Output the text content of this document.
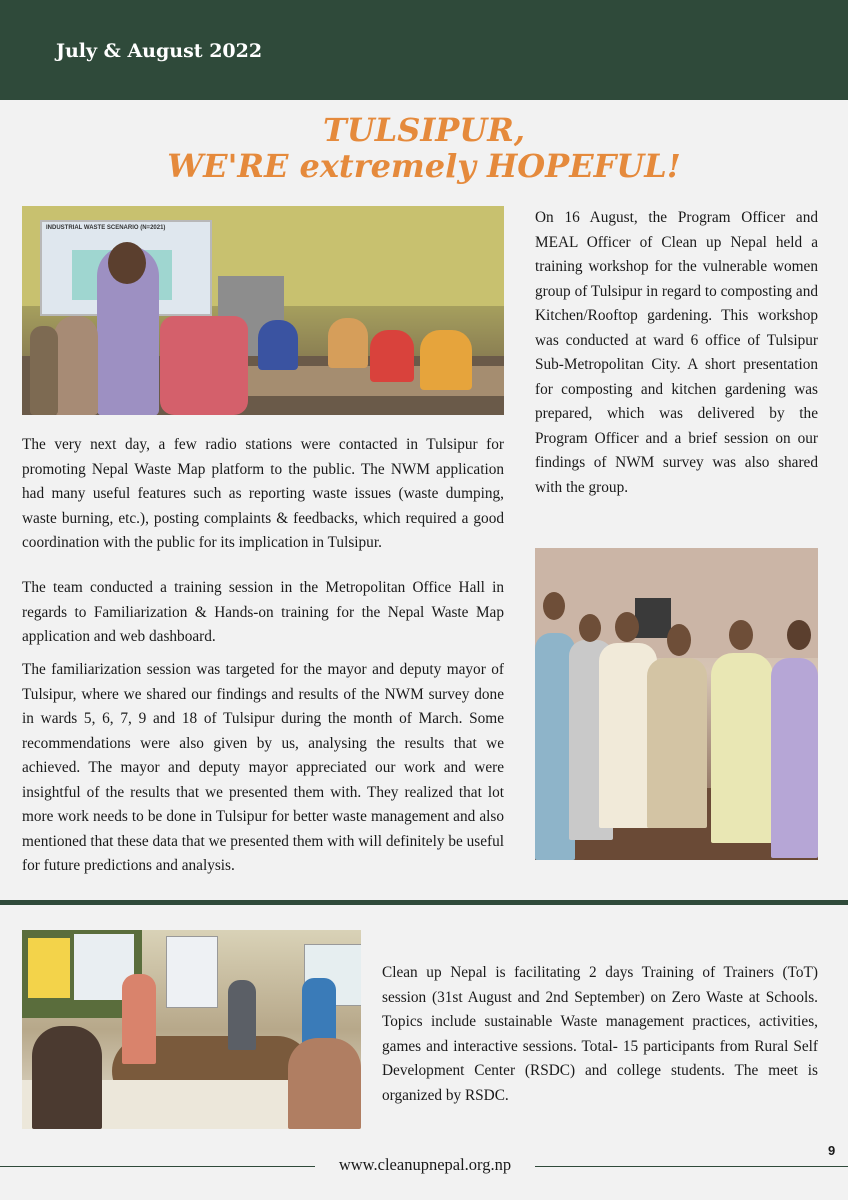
July & August 2022
TULSIPUR,
WE'RE extremely HOPEFUL!
INDUSTRIAL WASTE SCENARIO (N=2021)
On 16 August, the Program Officer and MEAL Officer of Clean up Nepal held a training workshop for the vulnerable women group of Tulsipur in regard to composting and Kitchen/Rooftop gardening. This workshop was conducted at ward 6 office of Tulsipur Sub-Metropolitan City. A short presentation for composting and kitchen gardening was prepared, which was delivered by the Program Officer and a brief session on our findings of NWM survey was also shared with the group.
The very next day, a few radio stations were contacted in Tulsipur for promoting Nepal Waste Map platform to the public. The NWM application had many useful features such as reporting waste issues (waste dumping, waste burning, etc.), posting complaints & feedbacks, which required a good coordination with the public for its implication in Tulsipur.
The team conducted a training session in the Metropolitan Office Hall in regards to Familiarization & Hands-on training for the Nepal Waste Map application and web dashboard.
The familiarization session was targeted for the mayor and deputy mayor of Tulsipur, where we shared our findings and results of the NWM survey done in wards 5, 6, 7, 9 and 18 of Tulsipur during the month of March. Some recommendations were also given by us, analysing the results that we achieved. The mayor and deputy mayor appreciated our work and were insightful of the results that we presented them with. They realized that lot more work needs to be done in Tulsipur for better waste management and also mentioned that these data that we presented them with will definitely be useful for future predictions and analysis.
Clean up Nepal is facilitating 2 days Training of Trainers (ToT) session (31st August and 2nd September) on Zero Waste at Schools. Topics include sustainable Waste management practices, activities, games and interactive sessions. Total- 15 participants from Rural Self Development Center (RSDC) and college students. The meet is organized by RSDC.
www.cleanupnepal.org.np
9
